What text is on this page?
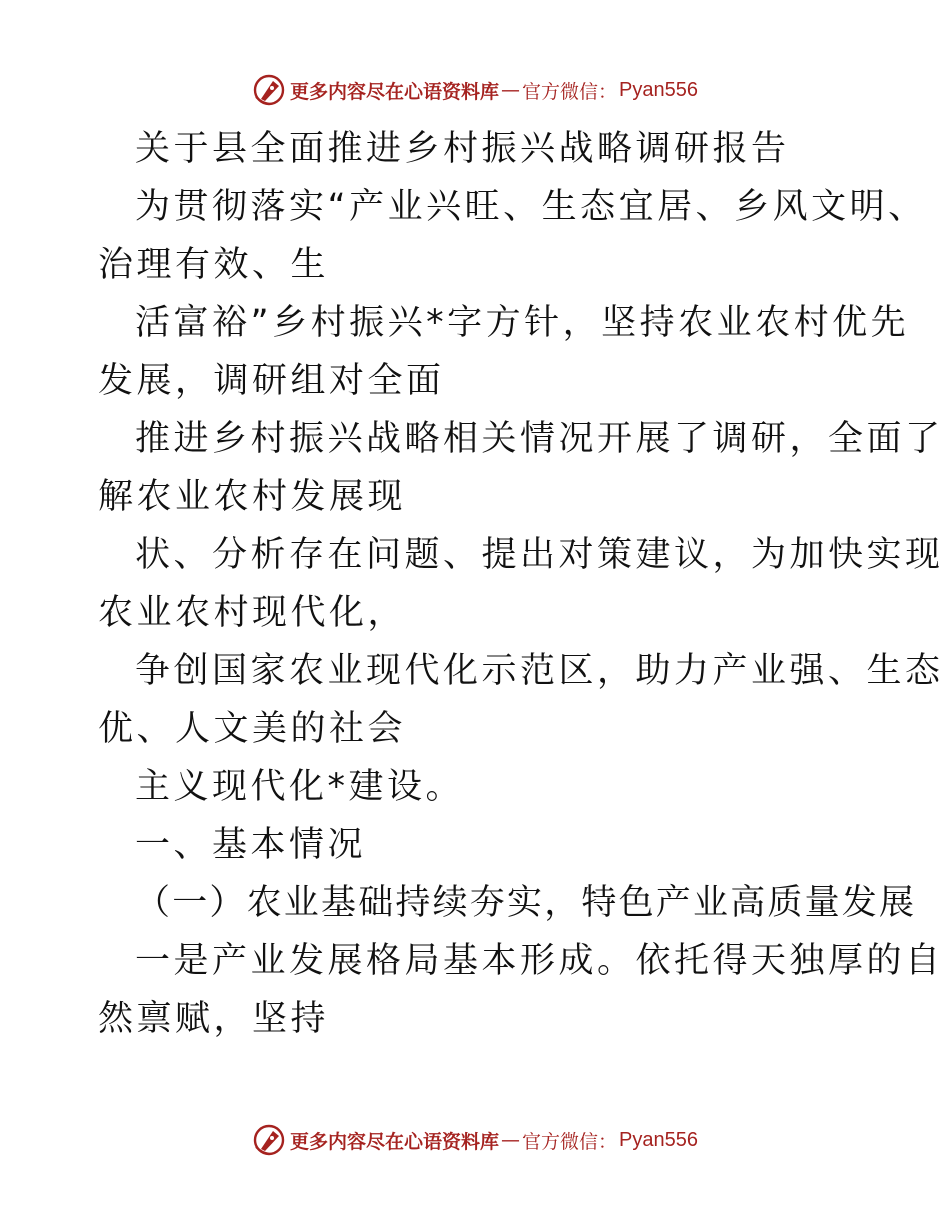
更多内容尽在心语资料库 — 官方微信： Pyan556
关于县全面推进乡村振兴战略调研报告
为贯彻落实“产业兴旺、生态宜居、乡风文明、
治理有效、生
活富裕”乡村振兴*字方针，坚持农业农村优先
发展，调研组对全面
推进乡村振兴战略相关情况开展了调研，全面了
解农业农村发展现
状、分析存在问题、提出对策建议，为加快实现
农业农村现代化，
争创国家农业现代化示范区，助力产业强、生态
优、人文美的社会
主义现代化*建设。
一、基本情况
（一）农业基础持续夯实，特色产业高质量发展
一是产业发展格局基本形成。依托得天独厚的自
然禀赋，坚持
更多内容尽在心语资料库 — 官方微信： Pyan556
